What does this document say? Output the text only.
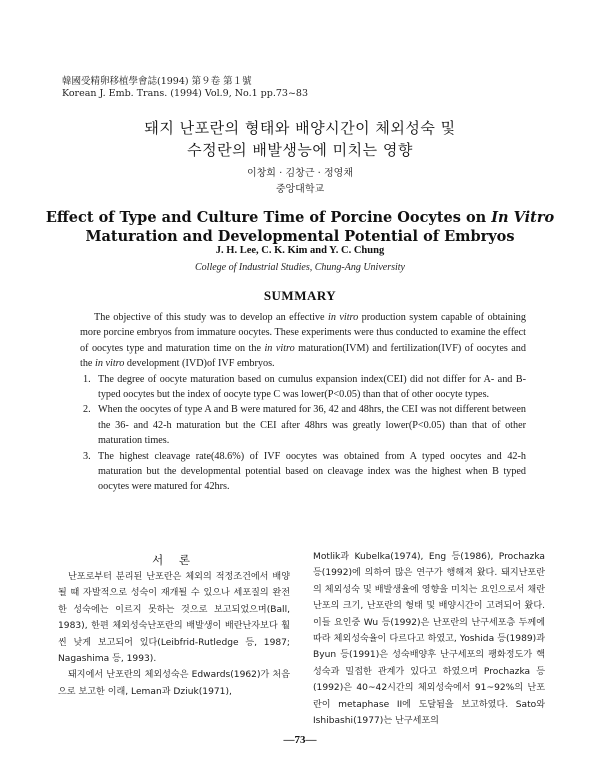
韓國受精卵移植學會誌(1994) 第９卷 第１號
Korean J. Emb. Trans. (1994) Vol.9, No.1 pp.73~83
돼지 난포란의 형태와 배양시간이 체외성숙 및
수정란의 배발생능에 미치는 영향
이창희 · 김창근 · 정영채
중앙대학교
Effect of Type and Culture Time of Porcine Oocytes on In Vitro
Maturation and Developmental Potential of Embryos
J. H. Lee, C. K. Kim and Y. C. Chung
College of Industrial Studies, Chung-Ang University
SUMMARY

The objective of this study was to develop an effective in vitro production system capable of obtaining more porcine embryos from immature oocytes. These experiments were thus conducted to examine the effect of oocytes type and maturation time on the in vitro maturation(IVM) and fertilization(IVF) of oocytes and the in vitro development (IVD)of IVF embryos.

1. The degree of oocyte maturation based on cumulus expansion index(CEI) did not differ for A- and B-typed oocytes but the index of oocyte type C was lower(P<0.05) than that of other oocyte types.
2. When the oocytes of type A and B were matured for 36, 42 and 48hrs, the CEI was not different between the 36- and 42-h maturation but the CEI after 48hrs was greatly lower(P<0.05) than that of other maturation times.
3. The highest cleavage rate(48.6%) of IVF oocytes was obtained from A typed oocytes and 42-h maturation but the developmental potential based on cleavage index was the highest when B typed oocytes were matured for 42hrs.
서 론

난포로부터 분리된 난포란은 체외의 적정조건에서 배양될 때 자발적으로 성숙이 재개될 수 있으나 세포질의 완전한 성숙에는 이르지 못하는 것으로 보고되었으며(Ball, 1983), 한편 체외성숙난포란의 배발생이 배란난자보다 훨씬 낮게 보고되어 있다(Leibfrid-Rutledge 등, 1987; Nagashima 등, 1993).

돼지에서 난포란의 체외성숙은 Edwards(1962)가 처음으로 보고한 이래, Leman과 Dziuk(1971),

Motlik과 Kubelka(1974), Eng 등(1986), Prochazka 등(1992)에 의하여 많은 연구가 행해져 왔다. 돼지난포란의 체외성숙 및 배발생율에 영향을 미치는 요인으로서 채란 난포의 크기, 난포란의 형태 및 배양시간이 고려되어 왔다. 이들 요인중 Wu 등(1992)은 난포란의 난구세포층 두께에 따라 체외성숙율이 다르다고 하였고, Yoshida 등(1989)과 Byun 등(1991)은 성숙배양후 난구세포의 팽화정도가 핵성숙과 밀접한 관계가 있다고 하였으며 Prochazka 등(1992)은 40~42시간의 체외성숙에서 91~92%의 난포란이 metaphase II에 도달됨을 보고하였다. Sato와 Ishibashi(1977)는 난구세포의

—73—
